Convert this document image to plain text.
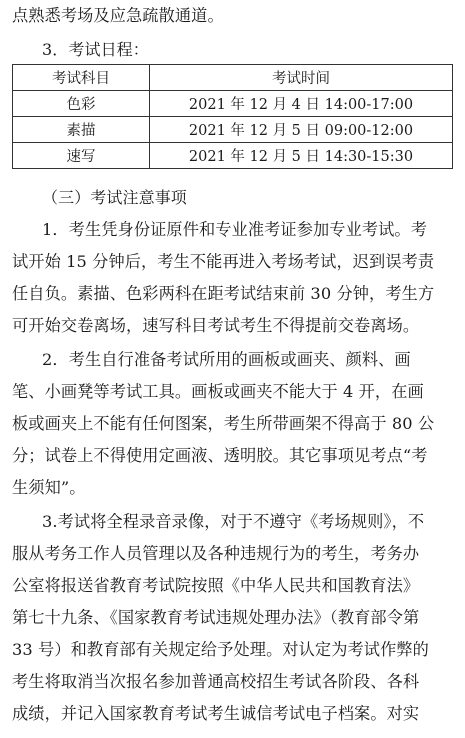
点熟悉考场及应急疏散通道。
3．考试日程：
考试科目	考试时间
色彩	2021 年 12 月 4 日 14:00-17:00
素描	2021 年 12 月 5 日 09:00-12:00
速写	2021 年 12 月 5 日 14:30-15:30
（三）考试注意事项
1．考生凭身份证原件和专业准考证参加专业考试。考
试开始 15 分钟后，考生不能再进入考场考试，迟到误考责
任自负。素描、色彩两科在距考试结束前 30 分钟，考生方
可开始交卷离场，速写科目考试考生不得提前交卷离场。
2．考生自行准备考试所用的画板或画夹、颜料、画
笔、小画凳等考试工具。画板或画夹不能大于 4 开，在画
板或画夹上不能有任何图案，考生所带画架不得高于 80 公
分；试卷上不得使用定画液、透明胶。其它事项见考点“考
生须知”。
3.考试将全程录音录像，对于不遵守《考场规则》，不
服从考务工作人员管理以及各种违规行为的考生，考务办
公室将报送省教育考试院按照《中华人民共和国教育法》
第七十九条、《国家教育考试违规处理办法》（教育部令第
33 号）和教育部有关规定给予处理。对认定为考试作弊的
考生将取消当次报名参加普通高校招生考试各阶段、各科
成绩，并记入国家教育考试考生诚信考试电子档案。对实
